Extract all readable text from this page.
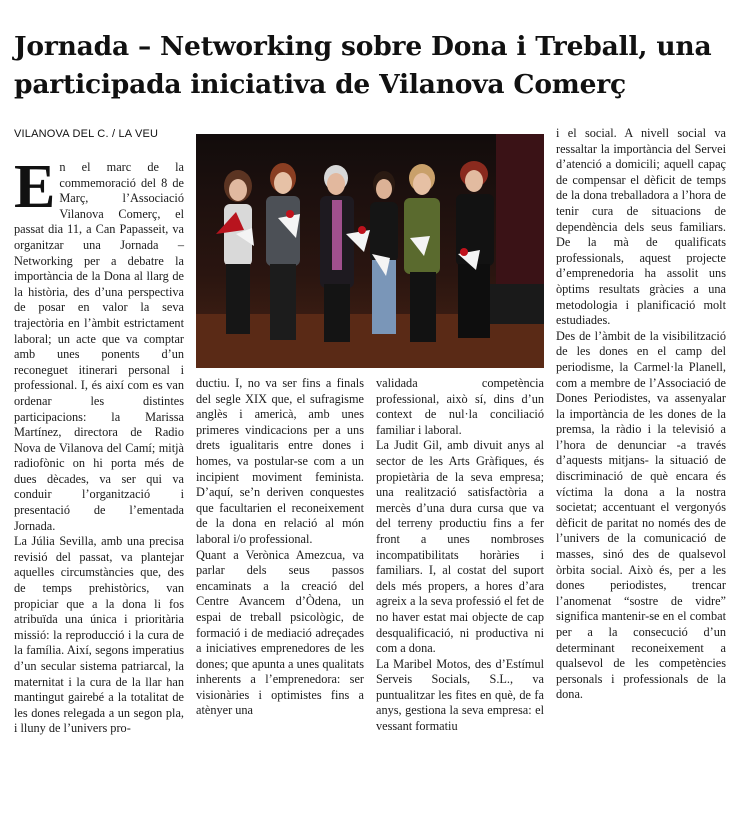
Jornada – Networking sobre Dona i Treball, una participada iniciativa de Vilanova Comerç
VILANOVA DEL C. / LA VEU
E n el marc de la commemoració del 8 de Març, l’Associació Vilanova Comerç, el passat dia 11, a Can Papasseit, va organitzar una Jornada – Networking per a debatre la importància de la Dona al llarg de la història, des d’una perspectiva de posar en valor la seva trajectòria en l’àmbit estrictament laboral; un acte que va comptar amb unes ponents d’un reconeguet itinerari personal i professional. I, és així com es van ordenar les distintes participacions: la Marissa Martínez, directora de Radio Nova de Vilanova del Camí; mitjà radiofònic on hi porta més de dues dècades, va ser qui va conduir l’organització i presentació de l’ementada Jornada.

La Júlia Sevilla, amb una precisa revisió del passat, va plantejar aquelles circumstàncies que, des de temps prehistòrics, van propiciar que a la dona li fos atribuïda una única i prioritària missió: la reproducció i la cura de la família. Així, segons imperatius d’un secular sistema patriarcal, la maternitat i la cura de la llar han mantingut gairebé a la totalitat de les dones relegada a un segon pla, i lluny de l’univers pro-

ductiu. I, no va ser fins a finals del segle XIX que, el sufragisme anglès i americà, amb unes primeres vindicacions per a uns drets igualitaris entre dones i homes, va postular-se com a un incipient moviment feminista. D’aquí, se’n deriven conquestes que facultarien el reconeixement de la dona en relació al món laboral i/o professional.

Quant a Verònica Amezcua, va parlar dels seus passos encaminats a la creació del Centre Avancem d’Òdena, un espai de treball psicològic, de formació i de mediació adreçades a iniciatives emprenedores de les dones; que apunta a unes qualitats inherents a l’emprenedora: ser visionàries i optimistes fins a atènyer una

validada competència professional, això sí, dins d’un context de nul·la conciliació familiar i laboral.

La Judit Gil, amb divuit anys al sector de les Arts Gràfiques, és propietària de la seva empresa; una realització satisfactòria a mercès d’una dura cursa que va del terreny productiu fins a fer front a unes nombroses incompatibilitats horàries i familiars. I, al costat del suport dels més propers, a hores d’ara agreix a la seva professió el fet de no haver estat mai objecte de cap desqualificació, ni productiva ni com a dona.

La Maribel Motos, des d’Estímul Serveis Socials, S.L., va puntualitzar les fites en què, de fa anys, gestiona la seva empresa: el vessant formatiu

i el social. A nivell social va ressaltar la importància del Servei d’atenció a domicili; aquell capaç de compensar el dèficit de temps de la dona treballadora a l’hora de tenir cura de situacions de dependència dels seus familiars. De la mà de qualificats professionals, aquest projecte d’emprenedoria ha assolit uns òptims resultats gràcies a una metodologia i planificació molt estudiades.

Des de l’àmbit de la visibilització de les dones en el camp del periodisme, la Carmel·la Planell, com a membre de l’Associació de Dones Periodistes, va assenyalar la importància de les dones de la premsa, la ràdio i la televisió a l’hora de denunciar -a través d’aquests mitjans- la situació de discriminació de què encara és víctima la dona a la nostra societat; accentuant el vergonyós dèficit de paritat no només des de l’univers de la comunicació de masses, sinó des de qualsevol òrbita social. Això és, per a les dones periodistes, trencar l’anomenat “sostre de vidre” significa mantenir-se en el combat per a la consecució d’un determinant reconeixement a qualsevol de les competències personals i professionals de la dona.
